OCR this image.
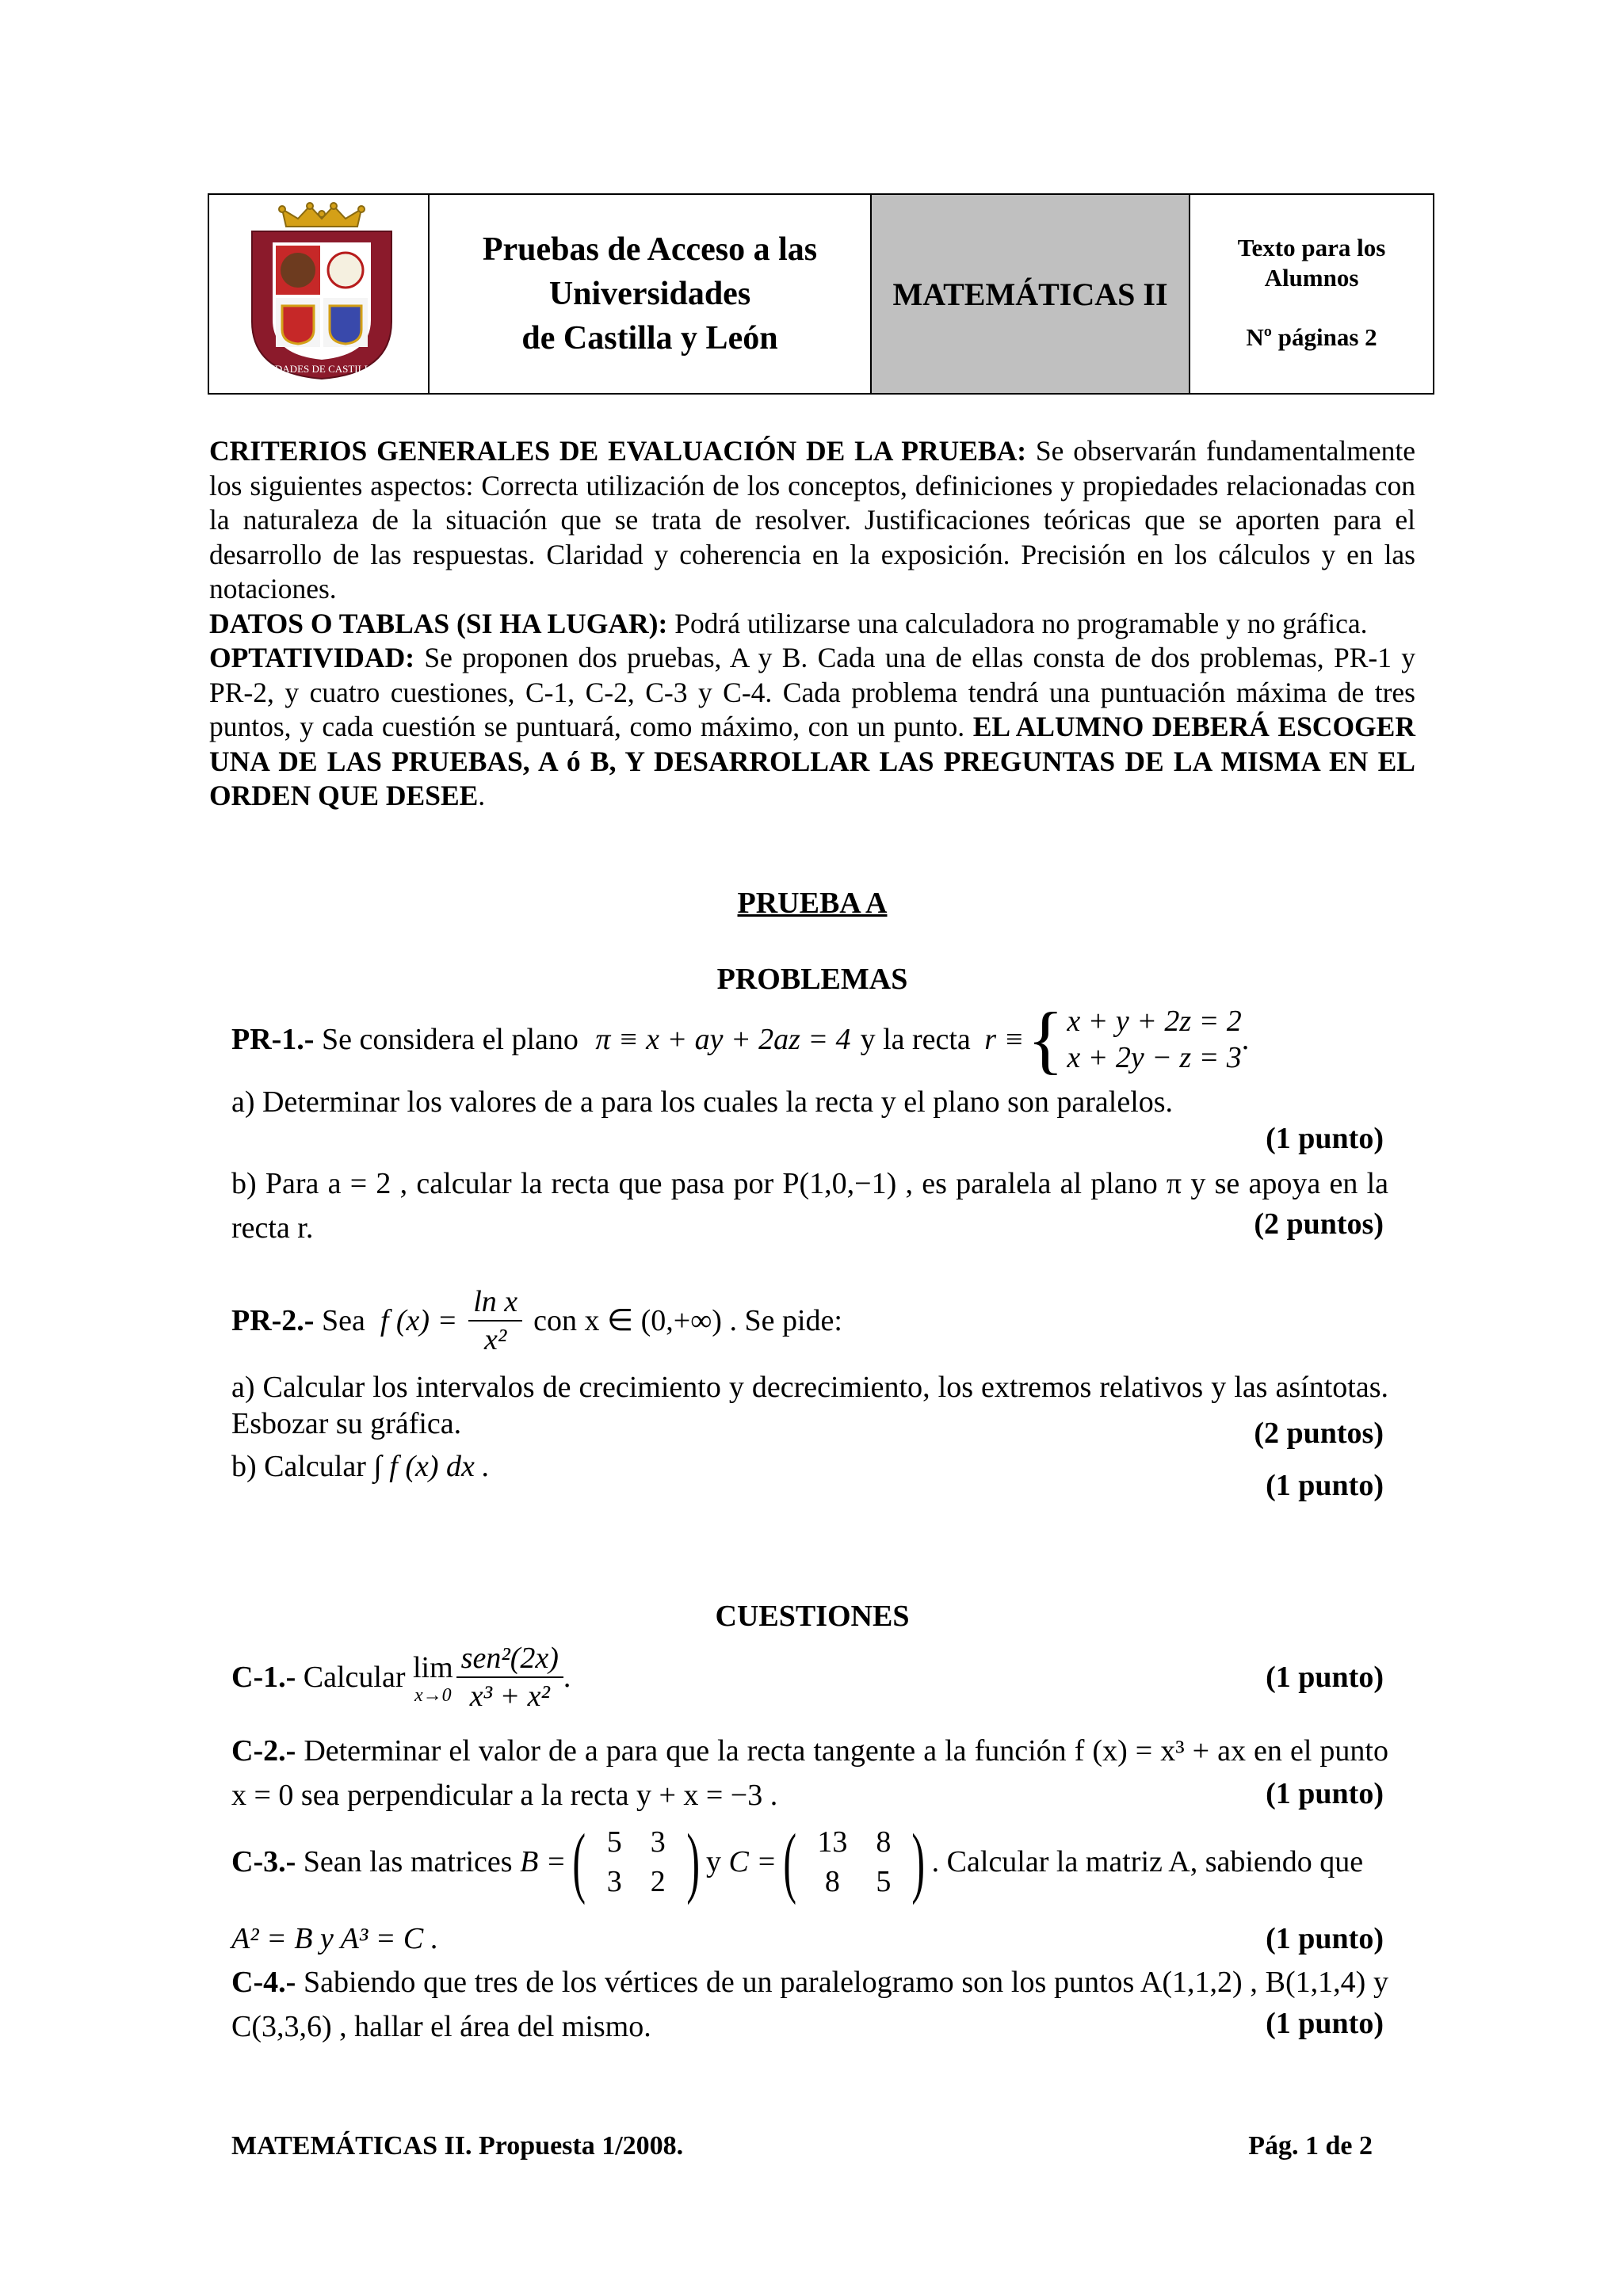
UNIVERSIDADES DE CASTILLA Y LEÓN
Pruebas de Acceso a las
Universidades
de Castilla y León
MATEMÁTICAS II
Texto para los
Alumnos
Nº páginas 2
CRITERIOS GENERALES DE EVALUACIÓN DE LA PRUEBA: Se observarán fundamentalmente los siguientes aspectos: Correcta utilización de los conceptos, definiciones y propiedades relacionadas con la naturaleza de la situación que se trata de resolver. Justificaciones teóricas que se aporten para el desarrollo de las respuestas. Claridad y coherencia en la exposición. Precisión en los cálculos y en las notaciones.
DATOS O TABLAS (SI HA LUGAR): Podrá utilizarse una calculadora no programable y no gráfica.
OPTATIVIDAD: Se proponen dos pruebas, A y B. Cada una de ellas consta de dos problemas, PR-1 y PR-2, y cuatro cuestiones, C-1, C-2, C-3 y C-4. Cada problema tendrá una puntuación máxima de tres puntos, y cada cuestión se puntuará, como máximo, con un punto. EL ALUMNO DEBERÁ ESCOGER UNA DE LAS PRUEBAS, A ó B, Y DESARROLLAR LAS PREGUNTAS DE LA MISMA EN EL ORDEN QUE DESEE.
PRUEBA A
PROBLEMAS
PR-1.-
Se considera el plano
π ≡ x + ay + 2az = 4 y la recta
r ≡ { x + y + 2z = 2
x + 2y − z = 3
.
a) Determinar los valores de a para los cuales la recta y el plano son paralelos.
(1 punto)
b) Para a = 2 , calcular la recta que pasa por P(1,0,−1) , es paralela al plano π y se apoya en la recta r.	(2 puntos)
PR-2.-
Sea
f $(x) = \frac{\text{ln x}}{\text{x²}}$ con x ∈ (0,+∞) . Se pide:
a) Calcular los intervalos de crecimiento y decrecimiento, los extremos relativos y las asíntotas. Esbozar su gráfica.	(2 puntos)
b) Calcular
∫ f (x) dx .
(1 punto)
CUESTIONES
C-1.-
Calcular
lim
$x\to 0 \frac{\text{sen²(2x)}}{\text{x³ + x²}}$ .	(1 punto)
C-2.- Determinar el valor de a para que la recta tangente a la función f (x) = x³ + ax en el punto x = 0 sea perpendicular a la recta y + x = −3 .	(1 punto)
C-3.-
Sean las matrices
B = ( 5	3
3	2 ) y
C = ( 13	8
8	5 ) . Calcular la matriz A, sabiendo que
A² = B y A³ = C .	(1 punto)
C-4.- Sabiendo que tres de los vértices de un paralelogramo son los puntos A(1,1,2) , B(1,1,4) y C(3,3,6) , hallar el área del mismo.	(1 punto)
MATEMÁTICAS II. Propuesta 1/2008.	Pág. 1 de 2
